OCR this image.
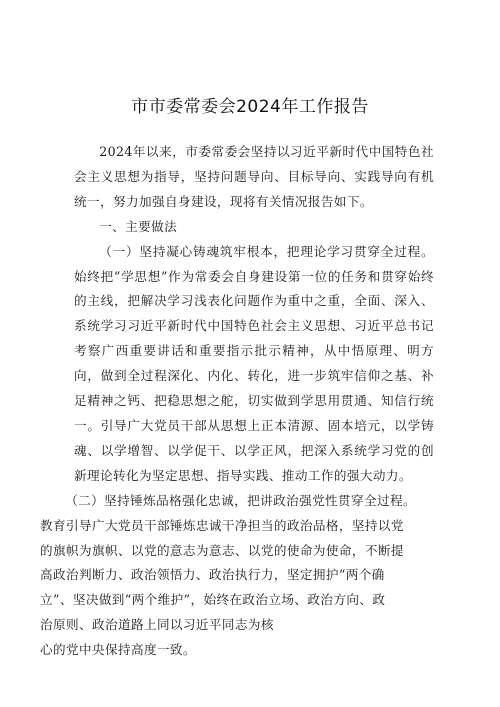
市市委常委会2024年工作报告

2024年以来，市委常委会坚持以习近平新时代中国特色社会主义思想为指导，坚持问题导向、目标导向、实践导向有机统一，努力加强自身建设，现将有关情况报告如下。

一、主要做法

（一）坚持凝心铸魂筑牢根本，把理论学习贯穿全过程。始终把“学思想”作为常委会自身建设第一位的任务和贯穿始终的主线，把解决学习浅表化问题作为重中之重，全面、深入、系统学习习近平新时代中国特色社会主义思想、习近平总书记考察广西重要讲话和重要指示批示精神，从中悟原理、明方向，做到全过程深化、内化、转化，进一步筑牢信仰之基、补足精神之钙、把稳思想之舵，切实做到学思用贯通、知信行统一。引导广大党员干部从思想上正本清源、固本培元，以学铸魂、以学增智、以学促干、以学正风，把深入系统学习党的创新理论转化为坚定思想、指导实践、推动工作的强大动力。

（二）坚持锤炼品格强化忠诚，把讲政治强党性贯穿全过程。
教育引导广大党员干部锤炼忠诚干净担当的政治品格，坚持以党
的旗帜为旗帜、以党的意志为意志、以党的使命为使命，不断提
高政治判断力、政治领悟力、政治执行力，坚定拥护“两个确
立”、坚决做到“两个维护”，始终在政治立场、政治方向、政
治原则、政治道路上同以习近平同志为核
心的党中央保持高度一致。
